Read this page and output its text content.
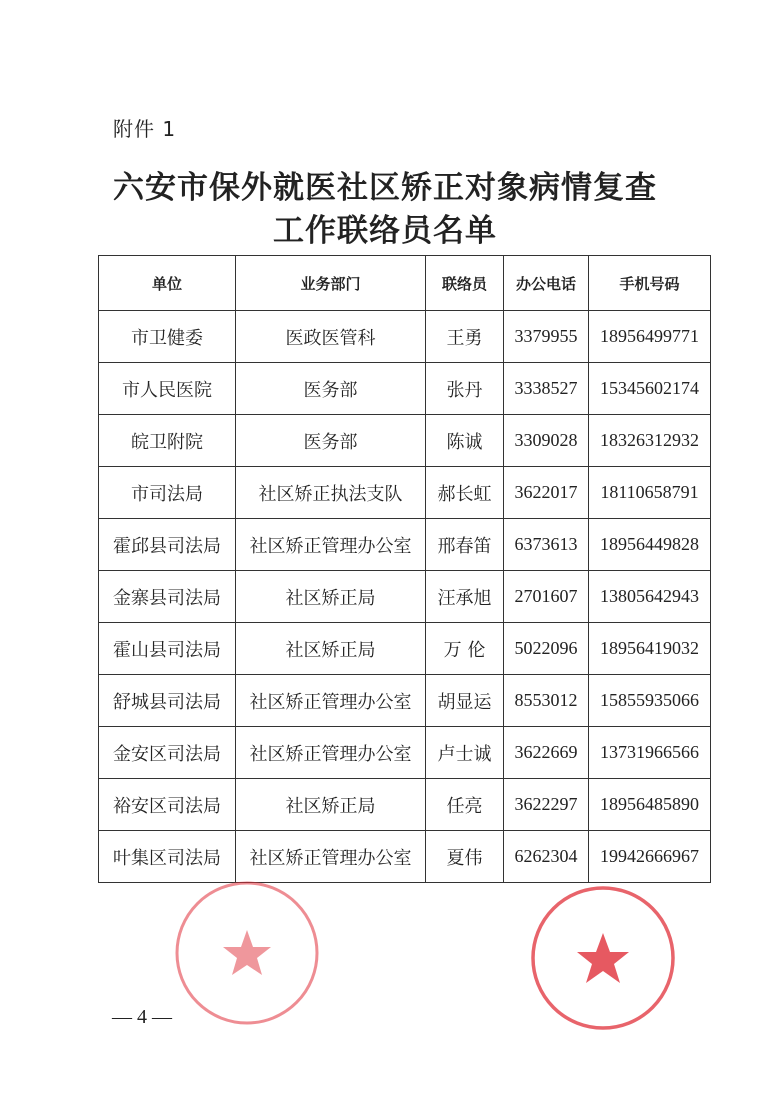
附件 1
六安市保外就医社区矫正对象病情复查
工作联络员名单
单位	业务部门	联络员	办公电话	手机号码
市卫健委	医政医管科	王勇	3379955	18956499771
市人民医院	医务部	张丹	3338527	15345602174
皖卫附院	医务部	陈诚	3309028	18326312932
市司法局	社区矫正执法支队	郝长虹	3622017	18110658791
霍邱县司法局	社区矫正管理办公室	邢春笛	6373613	18956449828
金寨县司法局	社区矫正局	汪承旭	2701607	13805642943
霍山县司法局	社区矫正局	万 伦	5022096	18956419032
舒城县司法局	社区矫正管理办公室	胡显运	8553012	15855935066
金安区司法局	社区矫正管理办公室	卢士诚	3622669	13731966566
裕安区司法局	社区矫正局	任亮	3622297	18956485890
叶集区司法局	社区矫正管理办公室	夏伟	6262304	19942666967
— 4 —
